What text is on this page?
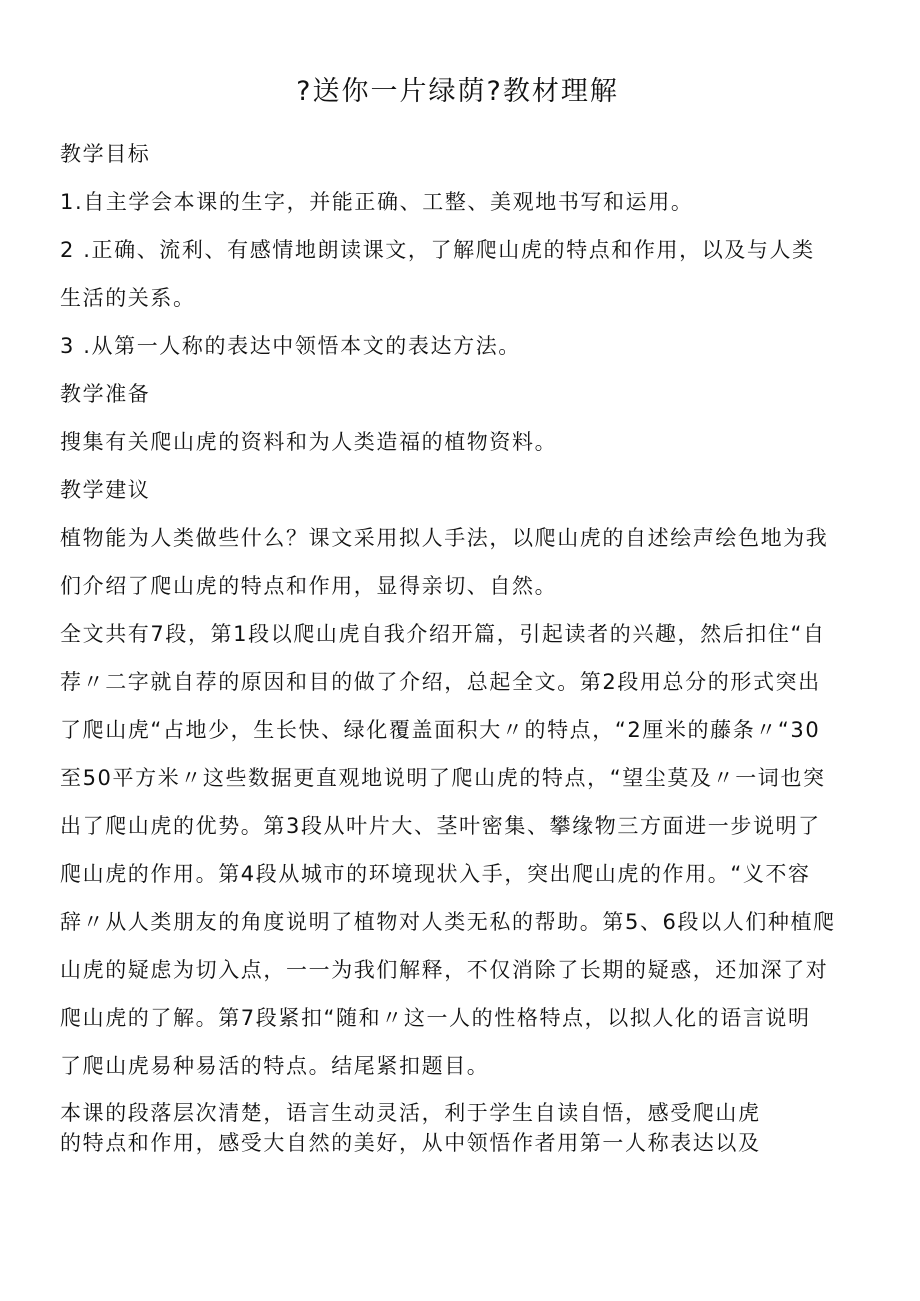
?送你一片绿荫?教材理解

教学目标

1.自主学会本课的生字，并能正确、工整、美观地书写和运用。

2 .正确、流利、有感情地朗读课文，了解爬山虎的特点和作用，以及与人类

生活的关系。

3 .从第一人称的表达中领悟本文的表达方法。

教学准备

搜集有关爬山虎的资料和为人类造福的植物资料。

教学建议

植物能为人类做些什么？课文采用拟人手法，以爬山虎的自述绘声绘色地为我
们介绍了爬山虎的特点和作用，显得亲切、自然。
全文共有7段，第1段以爬山虎自我介绍开篇，引起读者的兴趣，然后扣住“自
荐〃二字就自荐的原因和目的做了介绍，总起全文。第2段用总分的形式突出
了爬山虎“占地少，生长快、绿化覆盖面积大〃的特点，“2厘米的藤条〃“30
至50平方米〃这些数据更直观地说明了爬山虎的特点，“望尘莫及〃一词也突
出了爬山虎的优势。第3段从叶片大、茎叶密集、攀缘物三方面进一步说明了
爬山虎的作用。第4段从城市的环境现状入手，突出爬山虎的作用。“义不容
辞〃从人类朋友的角度说明了植物对人类无私的帮助。第5、6段以人们种植爬
山虎的疑虑为切入点，一一为我们解释，不仅消除了长期的疑惑，还加深了对
爬山虎的了解。第7段紧扣“随和〃这一人的性格特点，以拟人化的语言说明
了爬山虎易种易活的特点。结尾紧扣题目。
本课的段落层次清楚，语言生动灵活，利于学生自读自悟，感受爬山虎
的特点和作用，感受大自然的美好，从中领悟作者用第一人称表达以及
